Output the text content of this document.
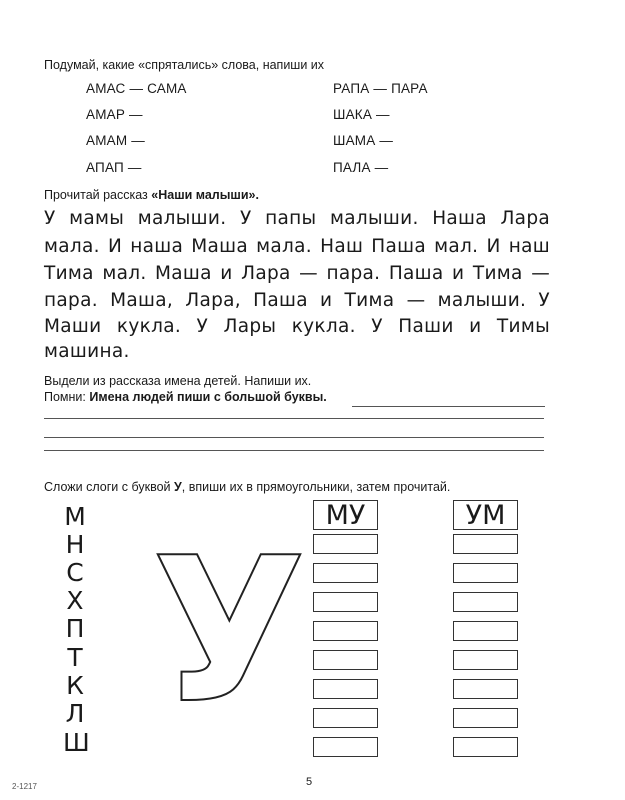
Подумай, какие «спрятались» слова, напиши их
АМАС — САМА
АМАР —
АМАМ —
АПАП —
РАПА — ПАРА
ШАКА —
ШАМА —
ПАЛА —
Прочитай рассказ «Наши малыши».
У мамы малыши. У папы малыши. Наша Лара
мала. И наша Маша мала. Наш Паша мал. И наш
Тима мал. Маша и Лара — пара. Паша и Тима —
пара. Маша, Лара, Паша и Тима — малыши. У
Маши кукла. У Лары кукла. У Паши и Тимы
машина.
Выдели из рассказа имена детей. Напиши их.
Помни: Имена людей пиши с большой буквы.
Сложи слоги с буквой У, впиши их в прямоугольники, затем прочитай.
М
Н
С
Х
П
Т
К
Л
Ш У МУ	УМ
2-1217	5
